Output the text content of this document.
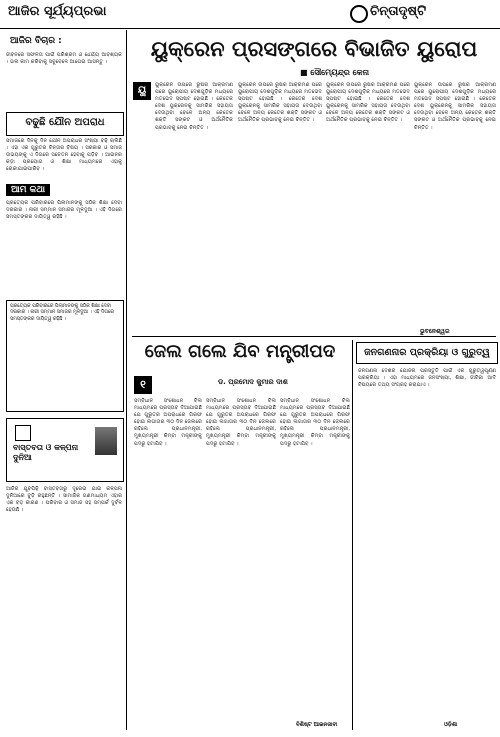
ଆଜିର ସୂର୍ଯ୍ୟପ୍ରଭା	ଚିନ୍ତାଦୃଷ୍ଟି
ଆଜିର ବିଚାର :
ଜୀବନରେ ସଫଳତା ପାଇଁ ପରିଶ୍ରମ ଓ ଧୈର୍ଯ୍ୟ ଆବଶ୍ୟକ । ଭଲ କାମ କରିବାକୁ ସବୁବେଳେ ଆଗେଇ ଆସନ୍ତୁ ।
ବଢୁଛି ଯୌନ ଅପରାଧ
ସମାଜରେ ଦିନକୁ ଦିନ ଯୌନ ଅପରାଧର ସଂଖ୍ୟା ବଢ଼ି ଚାଲିଛି । ଏହା ଏକ ଗୁରୁତର ଚିନ୍ତାର ବିଷୟ । ସରକାର ଓ ସମାଜ ଉଭୟଙ୍କୁ ଏ ଦିଗରେ ସଚେତନ ହେବାକୁ ପଡ଼ିବ । ଆଇନର କଡ଼ା ପ୍ରୟୋଗ ଓ ଶିକ୍ଷା ମାଧ୍ୟମରେ ଏହାକୁ ରୋକାଯାଇପାରିବ ।
ଆମ କଥା
ପ୍ରତ୍ୟେକ ପରିବାରରେ ପିଲାମାନଙ୍କୁ ସଠିକ ଶିକ୍ଷା ଦେବା ଦରକାର । ନାରୀ ସମ୍ମାନ ସମାଜର ମୂଳଦୁଆ । ଏହି ଦିଗରେ ସମସ୍ତଙ୍କର ଦାୟିତ୍ୱ ରହିଛି ।
ପ୍ରତ୍ୟେକ ପରିବାରରେ ପିଲାମାନଙ୍କୁ ସଠିକ ଶିକ୍ଷା ଦେବା ଦରକାର । ନାରୀ ସମ୍ମାନ ସମାଜର ମୂଳଦୁଆ । ଏହି ଦିଗରେ ସମସ୍ତଙ୍କର ଦାୟିତ୍ୱ ରହିଛି ।
ବାସ୍ତବତା ଓ କଳ୍ପନା ଦୁନିଆ
ଆଜିର ଯୁବପିଢ଼ି ବାସ୍ତବତାରୁ ଦୂରେଇ ଯାଇ କଳ୍ପନା ଦୁନିଆରେ ବୁଡ଼ି ରହୁଛନ୍ତି । ସାମାଜିକ ଗଣମାଧ୍ୟମ ଏହାର ଏକ ବଡ଼ କାରଣ । ପରିବାର ଓ ସମାଜ ସହ ସମ୍ପର୍କ ଦୁର୍ବଳ ହେଉଛି ।
ୟୁକ୍ରେନ ପ୍ରସଙ୍ଗରେ ବିଭାଜିତ ୟୁରୋପ
■ ସୌମ୍ୟେନ୍ଦ୍ର କେନା
ୟୁ	ୟୁକ୍ରେନ ଉପରେ ରୁଷର ଆକ୍ରମଣ ପରେ ୟୁରୋପୀୟ ଦେଶଗୁଡ଼ିକ ମଧ୍ୟରେ ମତଭେଦ ସ୍ପଷ୍ଟ ହୋଇଛି । କେତେକ ଦେଶ ୟୁକ୍ରେନକୁ ସାମରିକ ସହାୟତା ଦେଉଥିବା ବେଳେ ଅନ୍ୟ କେତେକ ଶକ୍ତି ସଙ୍କଟ ଓ ଅର୍ଥନୈତିକ ପ୍ରଭାବକୁ ନେଇ ଚିନ୍ତିତ ।
ୟୁକ୍ରେନ ଉପରେ ରୁଷର ଆକ୍ରମଣ ପରେ ୟୁରୋପୀୟ ଦେଶଗୁଡ଼ିକ ମଧ୍ୟରେ ମତଭେଦ ସ୍ପଷ୍ଟ ହୋଇଛି । କେତେକ ଦେଶ ୟୁକ୍ରେନକୁ ସାମରିକ ସହାୟତା ଦେଉଥିବା ବେଳେ ଅନ୍ୟ କେତେକ ଶକ୍ତି ସଙ୍କଟ ଓ ଅର୍ଥନୈତିକ ପ୍ରଭାବକୁ ନେଇ ଚିନ୍ତିତ ।
ୟୁକ୍ରେନ ଉପରେ ରୁଷର ଆକ୍ରମଣ ପରେ ୟୁରୋପୀୟ ଦେଶଗୁଡ଼ିକ ମଧ୍ୟରେ ମତଭେଦ ସ୍ପଷ୍ଟ ହୋଇଛି । କେତେକ ଦେଶ ୟୁକ୍ରେନକୁ ସାମରିକ ସହାୟତା ଦେଉଥିବା ବେଳେ ଅନ୍ୟ କେତେକ ଶକ୍ତି ସଙ୍କଟ ଓ ଅର୍ଥନୈତିକ ପ୍ରଭାବକୁ ନେଇ ଚିନ୍ତିତ ।
ୟୁକ୍ରେନ ଉପରେ ରୁଷର ଆକ୍ରମଣ ପରେ ୟୁରୋପୀୟ ଦେଶଗୁଡ଼ିକ ମଧ୍ୟରେ ମତଭେଦ ସ୍ପଷ୍ଟ ହୋଇଛି । କେତେକ ଦେଶ ୟୁକ୍ରେନକୁ ସାମରିକ ସହାୟତା ଦେଉଥିବା ବେଳେ ଅନ୍ୟ କେତେକ ଶକ୍ତି ସଙ୍କଟ ଓ ଅର୍ଥନୈତିକ ପ୍ରଭାବକୁ ନେଇ ଚିନ୍ତିତ ।
ଭୁବନେଶ୍ୱର
ଜେଲ ଗଲେ ଯିବ ମନ୍ତ୍ରୀପଦ
୧	ଡ. ପ୍ରମୋଦ କୁମାର ଦାଶ
ସମ୍ବିଧାନ ସଂଶୋଧନ ବିଲ ମାଧ୍ୟମରେ ପ୍ରସ୍ତାବ ଦିଆଯାଇଛି ଯେ ଗୁରୁତର ଅପରାଧରେ ଗିରଫ ହୋଇ ଲଗାତାର ୩୦ ଦିନ ଜେଲରେ ରହିଲେ ପ୍ରଧାନମନ୍ତ୍ରୀ, ମୁଖ୍ୟମନ୍ତ୍ରୀ କିମ୍ବା ମନ୍ତ୍ରୀଙ୍କୁ ପଦରୁ ହଟାଯିବ ।
ସମ୍ବିଧାନ ସଂଶୋଧନ ବିଲ ମାଧ୍ୟମରେ ପ୍ରସ୍ତାବ ଦିଆଯାଇଛି ଯେ ଗୁରୁତର ଅପରାଧରେ ଗିରଫ ହୋଇ ଲଗାତାର ୩୦ ଦିନ ଜେଲରେ ରହିଲେ ପ୍ରଧାନମନ୍ତ୍ରୀ, ମୁଖ୍ୟମନ୍ତ୍ରୀ କିମ୍ବା ମନ୍ତ୍ରୀଙ୍କୁ ପଦରୁ ହଟାଯିବ ।
ସମ୍ବିଧାନ ସଂଶୋଧନ ବିଲ ମାଧ୍ୟମରେ ପ୍ରସ୍ତାବ ଦିଆଯାଇଛି ଯେ ଗୁରୁତର ଅପରାଧରେ ଗିରଫ ହୋଇ ଲଗାତାର ୩୦ ଦିନ ଜେଲରେ ରହିଲେ ପ୍ରଧାନମନ୍ତ୍ରୀ, ମୁଖ୍ୟମନ୍ତ୍ରୀ କିମ୍ବା ମନ୍ତ୍ରୀଙ୍କୁ ପଦରୁ ହଟାଯିବ ।
ବିଶିଷ୍ଟ ଆଇନଜୀବୀ
ଜନଗଣନାର ପ୍ରକ୍ରିୟା ଓ ଗୁରୁତ୍ୱ
ଜନଗଣନା ଦେଶର ଯୋଜନା ପ୍ରସ୍ତୁତି ପାଇଁ ଏକ ଗୁରୁତ୍ୱପୂର୍ଣ୍ଣ ପ୍ରକ୍ରିୟା । ଏହା ମାଧ୍ୟମରେ ଜନସଂଖ୍ୟା, ଶିକ୍ଷା, ଜୀବିକା ଆଦି ବିଷୟରେ ତଥ୍ୟ ସଂଗ୍ରହ କରାଯାଏ ।
ଓଡ଼ିଶା
